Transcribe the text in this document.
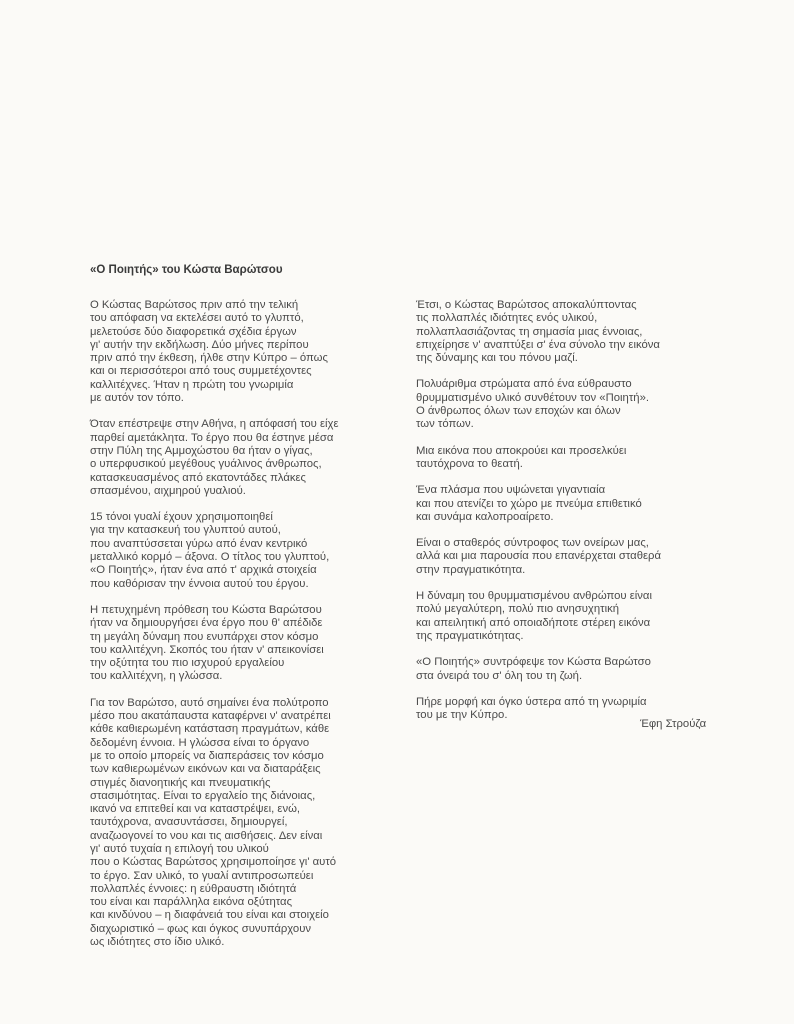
«Ο Ποιητής» του Κώστα Βαρώτσου
Ο Κώστας Βαρώτσος πριν από την τελική
του απόφαση να εκτελέσει αυτό το γλυπτό,
μελετούσε δύο διαφορετικά σχέδια έργων
γι' αυτήν την εκδήλωση. Δύο μήνες περίπου
πριν από την έκθεση, ήλθε στην Κύπρο – όπως
και οι περισσότεροι από τους συμμετέχοντες
καλλιτέχνες. Ήταν η πρώτη του γνωριμία
με αυτόν τον τόπο.
Όταν επέστρεψε στην Αθήνα, η απόφασή του είχε
παρθεί αμετάκλητα. Το έργο που θα έστηνε μέσα
στην Πύλη της Αμμοχώστου θα ήταν ο γίγας,
ο υπερφυσικού μεγέθους γυάλινος άνθρωπος,
κατασκευασμένος από εκατοντάδες πλάκες
σπασμένου, αιχμηρού γυαλιού.
15 τόνοι γυαλί έχουν χρησιμοποιηθεί
για την κατασκευή του γλυπτού αυτού,
που αναπτύσσεται γύρω από έναν κεντρικό
μεταλλικό κορμό – άξονα. Ο τίτλος του γλυπτού,
«Ο Ποιητής», ήταν ένα από τ' αρχικά στοιχεία
που καθόρισαν την έννοια αυτού του έργου.
Η πετυχημένη πρόθεση του Κώστα Βαρώτσου
ήταν να δημιουργήσει ένα έργο που θ' απέδιδε
τη μεγάλη δύναμη που ενυπάρχει στον κόσμο
του καλλιτέχνη. Σκοπός του ήταν ν' απεικονίσει
την οξύτητα του πιο ισχυρού εργαλείου
του καλλιτέχνη, η γλώσσα.
Για τον Βαρώτσο, αυτό σημαίνει ένα πολύτροπο
μέσο που ακατάπαυστα καταφέρνει ν' ανατρέπει
κάθε καθιερωμένη κατάσταση πραγμάτων, κάθε
δεδομένη έννοια. Η γλώσσα είναι το όργανο
με το οποίο μπορείς να διαπεράσεις τον κόσμο
των καθιερωμένων εικόνων και να διαταράξεις
στιγμές διανοητικής και πνευματικής
στασιμότητας. Είναι το εργαλείο της διάνοιας,
ικανό να επιτεθεί και να καταστρέψει, ενώ,
ταυτόχρονα, ανασυντάσσει, δημιουργεί,
αναζωογονεί το νου και τις αισθήσεις. Δεν είναι
γι' αυτό τυχαία η επιλογή του υλικού
που ο Κώστας Βαρώτσος χρησιμοποίησε γι' αυτό
το έργο. Σαν υλικό, το γυαλί αντιπροσωπεύει
πολλαπλές έννοιες: η εύθραυστη ιδιότητά
του είναι και παράλληλα εικόνα οξύτητας
και κινδύνου – η διαφάνειά του είναι και στοιχείο
διαχωριστικό – φως και όγκος συνυπάρχουν
ως ιδιότητες στο ίδιο υλικό.
Έτσι, ο Κώστας Βαρώτσος αποκαλύπτοντας
τις πολλαπλές ιδιότητες ενός υλικού,
πολλαπλασιάζοντας τη σημασία μιας έννοιας,
επιχείρησε ν' αναπτύξει σ' ένα σύνολο την εικόνα
της δύναμης και του πόνου μαζί.
Πολυάριθμα στρώματα από ένα εύθραυστο
θρυμματισμένο υλικό συνθέτουν τον «Ποιητή».
Ο άνθρωπος όλων των εποχών και όλων
των τόπων.
Μια εικόνα που αποκρούει και προσελκύει
ταυτόχρονα το θεατή.
Ένα πλάσμα που υψώνεται γιγαντιαία
και που ατενίζει το χώρο με πνεύμα επιθετικό
και συνάμα καλοπροαίρετο.
Είναι ο σταθερός σύντροφος των ονείρων μας,
αλλά και μια παρουσία που επανέρχεται σταθερά
στην πραγματικότητα.
Η δύναμη του θρυμματισμένου ανθρώπου είναι
πολύ μεγαλύτερη, πολύ πιο ανησυχητική
και απειλητική από οποιαδήποτε στέρεη εικόνα
της πραγματικότητας.
«Ο Ποιητής» συντρόφεψε τον Κώστα Βαρώτσο
στα όνειρά του σ' όλη του τη ζωή.
Πήρε μορφή και όγκο ύστερα από τη γνωριμία
του με την Κύπρο.
Έφη Στρούζα
